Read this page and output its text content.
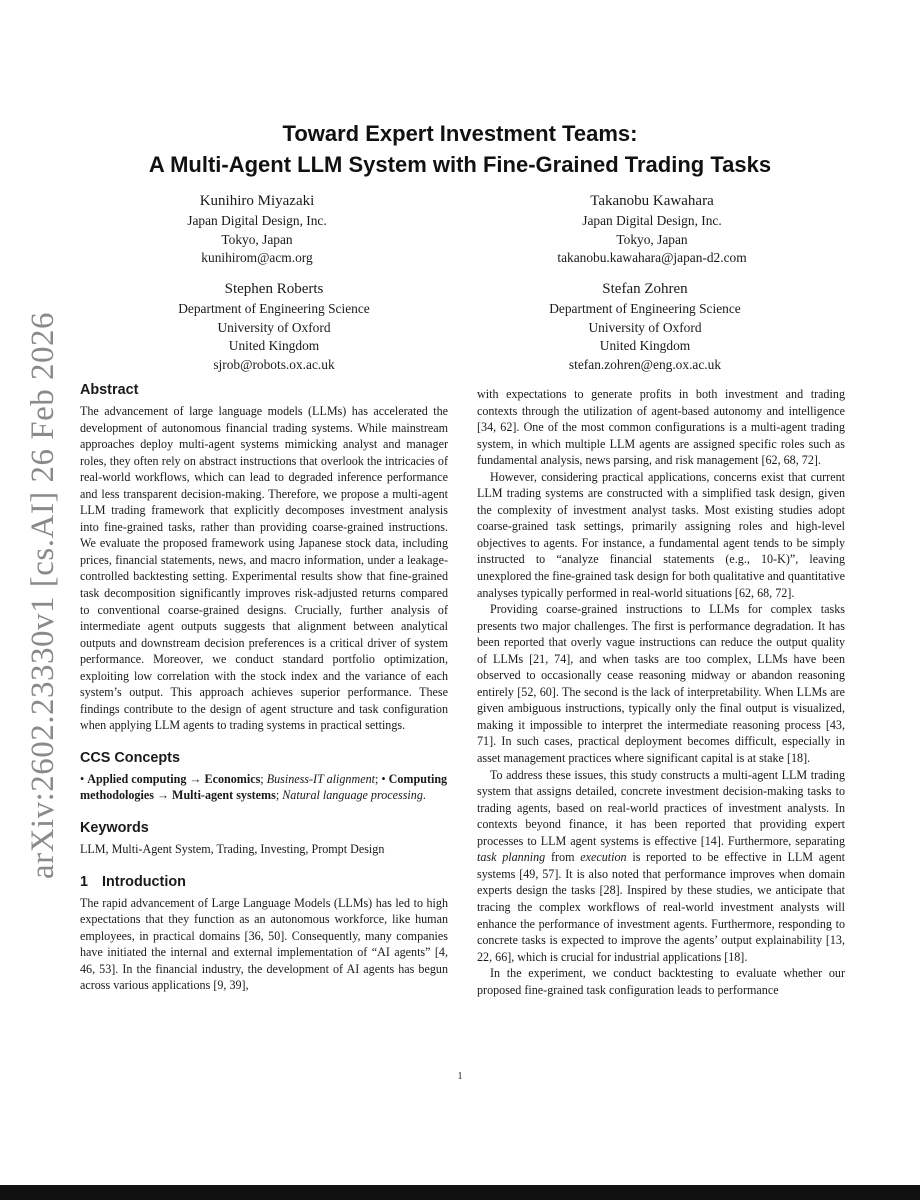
arXiv:2602.23330v1 [cs.AI] 26 Feb 2026
Toward Expert Investment Teams:
A Multi-Agent LLM System with Fine-Grained Trading Tasks
Kunihiro Miyazaki
Japan Digital Design, Inc.
Tokyo, Japan
kunihirom@acm.org
Takanobu Kawahara
Japan Digital Design, Inc.
Tokyo, Japan
takanobu.kawahara@japan-d2.com
Stephen Roberts
Department of Engineering Science
University of Oxford
United Kingdom
sjrob@robots.ox.ac.uk
Stefan Zohren
Department of Engineering Science
University of Oxford
United Kingdom
stefan.zohren@eng.ox.ac.uk
Abstract

The advancement of large language models (LLMs) has accelerated the development of autonomous financial trading systems. While mainstream approaches deploy multi-agent systems mimicking analyst and manager roles, they often rely on abstract instructions that overlook the intricacies of real-world workflows, which can lead to degraded inference performance and less transparent decision-making. Therefore, we propose a multi-agent LLM trading framework that explicitly decomposes investment analysis into fine-grained tasks, rather than providing coarse-grained instructions. We evaluate the proposed framework using Japanese stock data, including prices, financial statements, news, and macro information, under a leakage-controlled backtesting setting. Experimental results show that fine-grained task decomposition significantly improves risk-adjusted returns compared to conventional coarse-grained designs. Crucially, further analysis of intermediate agent outputs suggests that alignment between analytical outputs and downstream decision preferences is a critical driver of system performance. Moreover, we conduct standard portfolio optimization, exploiting low correlation with the stock index and the variance of each system’s output. This approach achieves superior performance. These findings contribute to the design of agent structure and task configuration when applying LLM agents to trading systems in practical settings.

CCS Concepts

• Applied computing → Economics; Business-IT alignment; • Computing methodologies → Multi-agent systems; Natural language processing.

Keywords

LLM, Multi-Agent System, Trading, Investing, Prompt Design

1 Introduction

The rapid advancement of Large Language Models (LLMs) has led to high expectations that they function as an autonomous workforce, like human employees, in practical domains [36, 50]. Consequently, many companies have initiated the internal and external implementation of “AI agents” [4, 46, 53]. In the financial industry, the development of AI agents has begun across various applications [9, 39],

with expectations to generate profits in both investment and trading contexts through the utilization of agent-based autonomy and intelligence [34, 62]. One of the most common configurations is a multi-agent trading system, in which multiple LLM agents are assigned specific roles such as fundamental analysis, news parsing, and risk management [62, 68, 72].

However, considering practical applications, concerns exist that current LLM trading systems are constructed with a simplified task design, given the complexity of investment analyst tasks. Most existing studies adopt coarse-grained task settings, primarily assigning roles and high-level objectives to agents. For instance, a fundamental agent tends to be simply instructed to “analyze financial statements (e.g., 10-K)”, leaving unexplored the fine-grained task design for both qualitative and quantitative analyses typically performed in real-world situations [62, 68, 72].

Providing coarse-grained instructions to LLMs for complex tasks presents two major challenges. The first is performance degradation. It has been reported that overly vague instructions can reduce the output quality of LLMs [21, 74], and when tasks are too complex, LLMs have been observed to occasionally cease reasoning midway or abandon reasoning entirely [52, 60]. The second is the lack of interpretability. When LLMs are given ambiguous instructions, typically only the final output is visualized, making it impossible to interpret the intermediate reasoning process [43, 71]. In such cases, practical deployment becomes difficult, especially in asset management practices where significant capital is at stake [18].

To address these issues, this study constructs a multi-agent LLM trading system that assigns detailed, concrete investment decision-making tasks to trading agents, based on real-world practices of investment analysts. In contexts beyond finance, it has been reported that providing expert processes to LLM agent systems is effective [14]. Furthermore, separating task planning from execution is reported to be effective in LLM agent systems [49, 57]. It is also noted that performance improves when domain experts design the tasks [28]. Inspired by these studies, we anticipate that tracing the complex workflows of real-world investment analysts will enhance the performance of investment agents. Furthermore, responding to concrete tasks is expected to improve the agents’ output explainability [13, 22, 66], which is crucial for industrial applications [18].

In the experiment, we conduct backtesting to evaluate whether our proposed fine-grained task configuration leads to performance

1
